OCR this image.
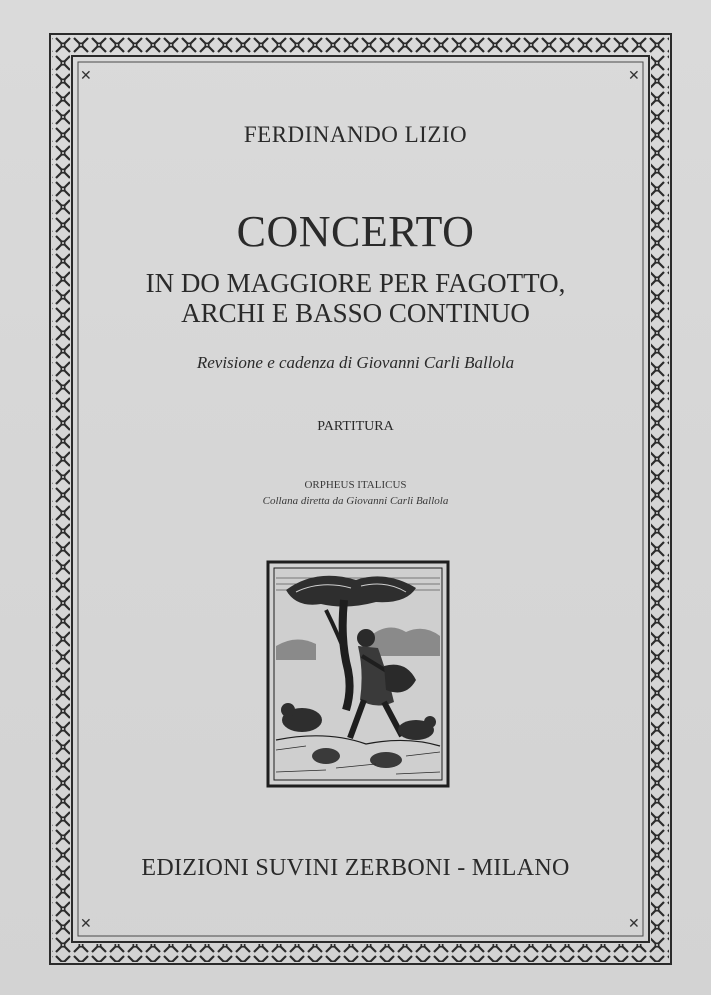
✕	✕
✕	✕
FERDINANDO LIZIO
CONCERTO
IN DO MAGGIORE PER FAGOTTO,
ARCHI E BASSO CONTINUO
Revisione e cadenza di Giovanni Carli Ballola
PARTITURA
ORPHEUS ITALICUS
Collana diretta da Giovanni Carli Ballola
EDIZIONI SUVINI ZERBONI - MILANO
